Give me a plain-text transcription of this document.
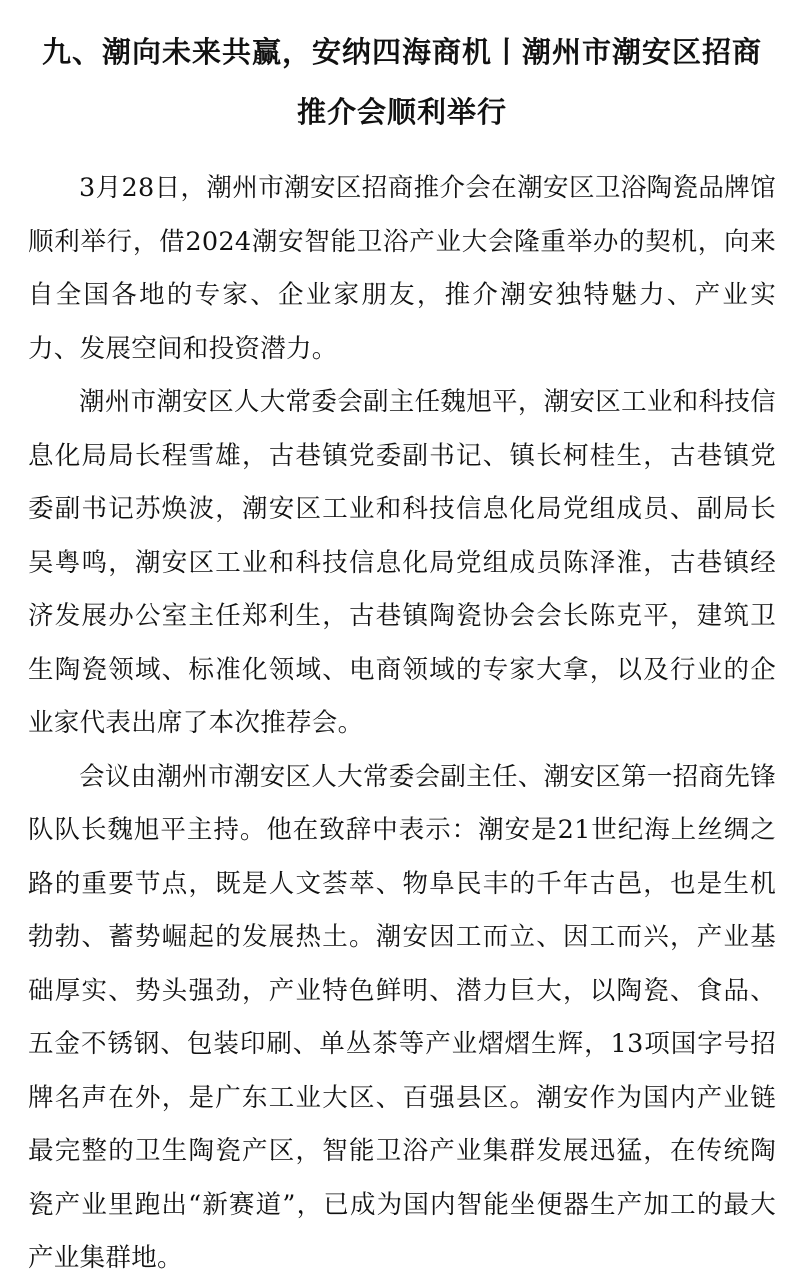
九、潮向未来共赢，安纳四海商机丨潮州市潮安区招商推介会顺利举行

3月28日，潮州市潮安区招商推介会在潮安区卫浴陶瓷品牌馆顺利举行，借2024潮安智能卫浴产业大会隆重举办的契机，向来自全国各地的专家、企业家朋友，推介潮安独特魅力、产业实力、发展空间和投资潜力。

潮州市潮安区人大常委会副主任魏旭平，潮安区工业和科技信息化局局长程雪雄，古巷镇党委副书记、镇长柯桂生，古巷镇党委副书记苏焕波，潮安区工业和科技信息化局党组成员、副局长吴粤鸣，潮安区工业和科技信息化局党组成员陈泽淮，古巷镇经济发展办公室主任郑利生，古巷镇陶瓷协会会长陈克平，建筑卫生陶瓷领域、标准化领域、电商领域的专家大拿，以及行业的企业家代表出席了本次推荐会。

会议由潮州市潮安区人大常委会副主任、潮安区第一招商先锋队队长魏旭平主持。他在致辞中表示：潮安是21世纪海上丝绸之路的重要节点，既是人文荟萃、物阜民丰的千年古邑，也是生机勃勃、蓄势崛起的发展热土。潮安因工而立、因工而兴，产业基础厚实、势头强劲，产业特色鲜明、潜力巨大，以陶瓷、食品、五金不锈钢、包装印刷、单丛茶等产业熠熠生辉，13项国字号招牌名声在外，是广东工业大区、百强县区。潮安作为国内产业链最完整的卫生陶瓷产区，智能卫浴产业集群发展迅猛，在传统陶瓷产业里跑出“新赛道”，已成为国内智能坐便器生产加工的最大产业集群地。
